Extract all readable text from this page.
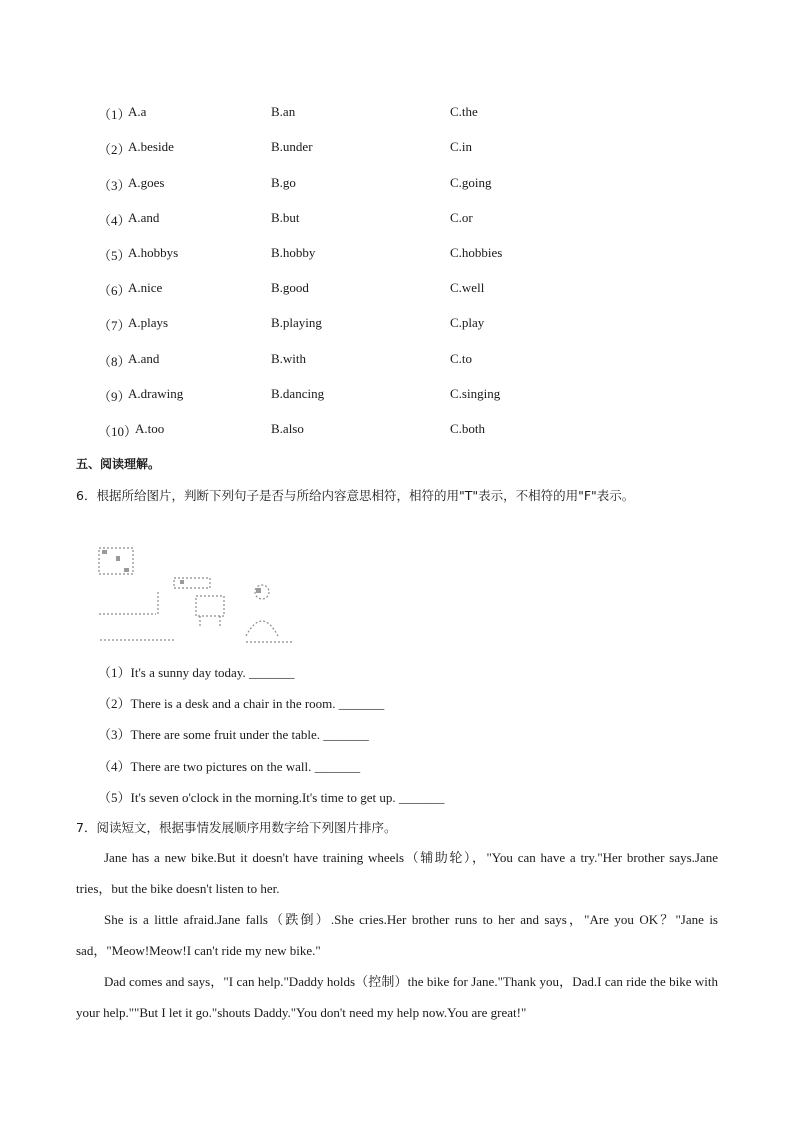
（1）
A.a	B.an	C.the
（2）
A.beside	B.under	C.in
（3）
A.goes	B.go	C.going
（4）
A.and	B.but	C.or
（5）
A.hobbys	B.hobby	C.hobbies
（6）
A.nice	B.good	C.well
（7）
A.plays	B.playing	C.play
（8）
A.and	B.with	C.to
（9）
A.drawing	B.dancing	C.singing
（10）
A.too	B.also	C.both
五、阅读理解。
6．根据所给图片，判断下列句子是否与所给内容意思相符，相符的用"T"表示，不相符的用"F"表示。
（1）It's a sunny day today. _______
（2）There is a desk and a chair in the room. _______
（3）There are some fruit under the table. _______
（4）There are two pictures on the wall. _______
（5）It's seven o'clock in the morning.It's time to get up. _______
7．阅读短文，根据事情发展顺序用数字给下列图片排序。

Jane has a new bike.But it doesn't have training wheels（辅助轮），"You can have a try."Her brother says.Jane tries，but the bike doesn't listen to her.

She is a little afraid.Jane falls（跌倒）.She cries.Her brother runs to her and says，"Are you OK？"Jane is sad，"Meow!Meow!I can't ride my new bike."

Dad comes and says，"I can help."Daddy holds（控制）the bike for Jane."Thank you，Dad.I can ride the bike with your help.""But I let it go."shouts Daddy."You don't need my help now.You are great!"
